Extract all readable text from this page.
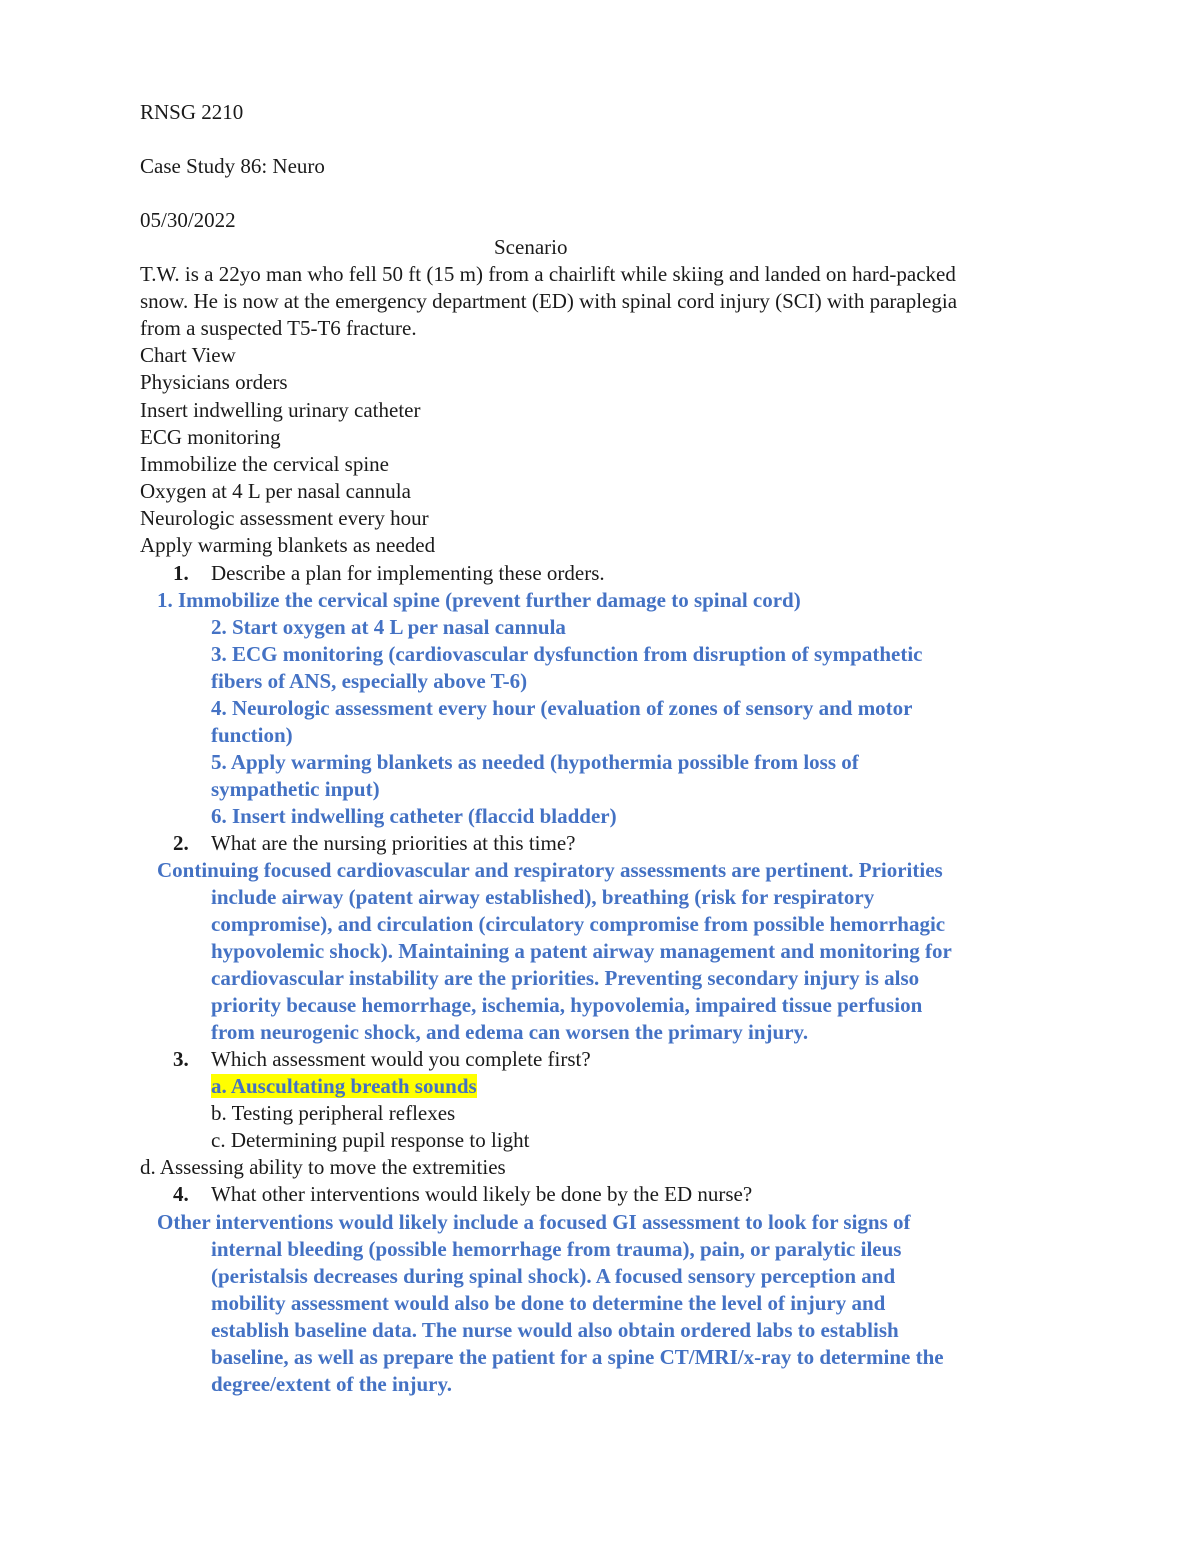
RNSG 2210
Case Study 86: Neuro
05/30/2022
Scenario
T.W. is a 22yo man who fell 50 ft (15 m) from a chairlift while skiing and landed on hard-packed
snow. He is now at the emergency department (ED) with spinal cord injury (SCI) with paraplegia
from a suspected T5-T6 fracture.
Chart View
Physicians orders
Insert indwelling urinary catheter
ECG monitoring
Immobilize the cervical spine
Oxygen at 4 L per nasal cannula
Neurologic assessment every hour
Apply warming blankets as needed
1. Describe a plan for implementing these orders.
1. Immobilize the cervical spine (prevent further damage to spinal cord)
2. Start oxygen at 4 L per nasal cannula
3. ECG monitoring (cardiovascular dysfunction from disruption of sympathetic
fibers of ANS, especially above T-6)
4. Neurologic assessment every hour (evaluation of zones of sensory and motor
function)
5. Apply warming blankets as needed (hypothermia possible from loss of
sympathetic input)
6. Insert indwelling catheter (flaccid bladder)
2. What are the nursing priorities at this time?
Continuing focused cardiovascular and respiratory assessments are pertinent. Priorities
include airway (patent airway established), breathing (risk for respiratory
compromise), and circulation (circulatory compromise from possible hemorrhagic
hypovolemic shock). Maintaining a patent airway management and monitoring for
cardiovascular instability are the priorities. Preventing secondary injury is also
priority because hemorrhage, ischemia, hypovolemia, impaired tissue perfusion
from neurogenic shock, and edema can worsen the primary injury.
3. Which assessment would you complete first?
a. Auscultating breath sounds
b. Testing peripheral reflexes
c. Determining pupil response to light
d. Assessing ability to move the extremities
4. What other interventions would likely be done by the ED nurse?
Other interventions would likely include a focused GI assessment to look for signs of
internal bleeding (possible hemorrhage from trauma), pain, or paralytic ileus
(peristalsis decreases during spinal shock). A focused sensory perception and
mobility assessment would also be done to determine the level of injury and
establish baseline data. The nurse would also obtain ordered labs to establish
baseline, as well as prepare the patient for a spine CT/MRI/x-ray to determine the
degree/extent of the injury.
